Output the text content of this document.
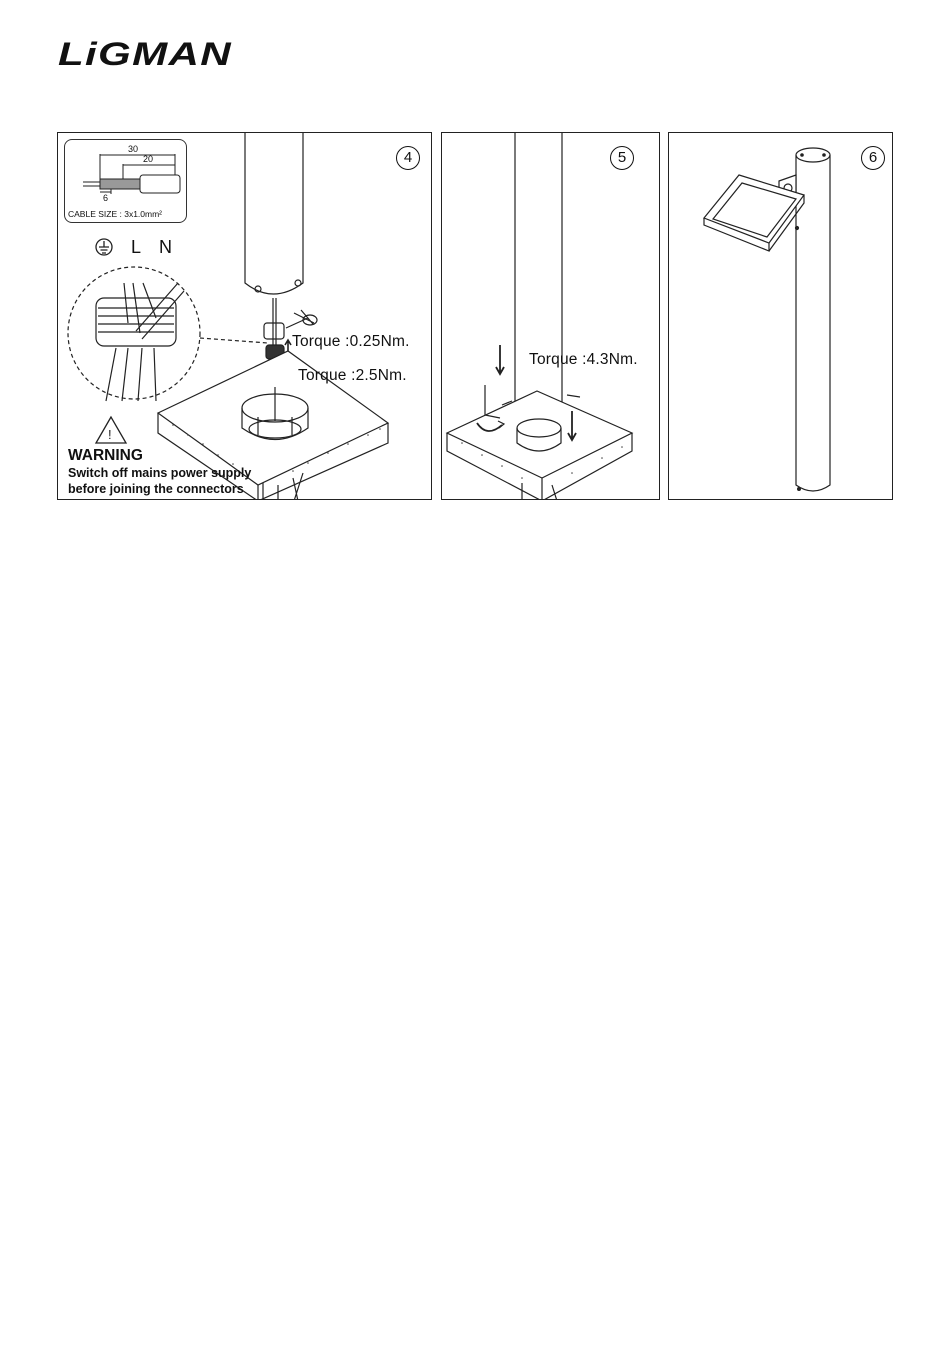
LiGMAN
!
30
20
6
CABLE SIZE : 3x1.0mm²
4
L N
Torque :0.25Nm.
Torque :2.5Nm.
WARNING
Switch off mains power supply
before joining the connectors
5
Torque :4.3Nm.
6
